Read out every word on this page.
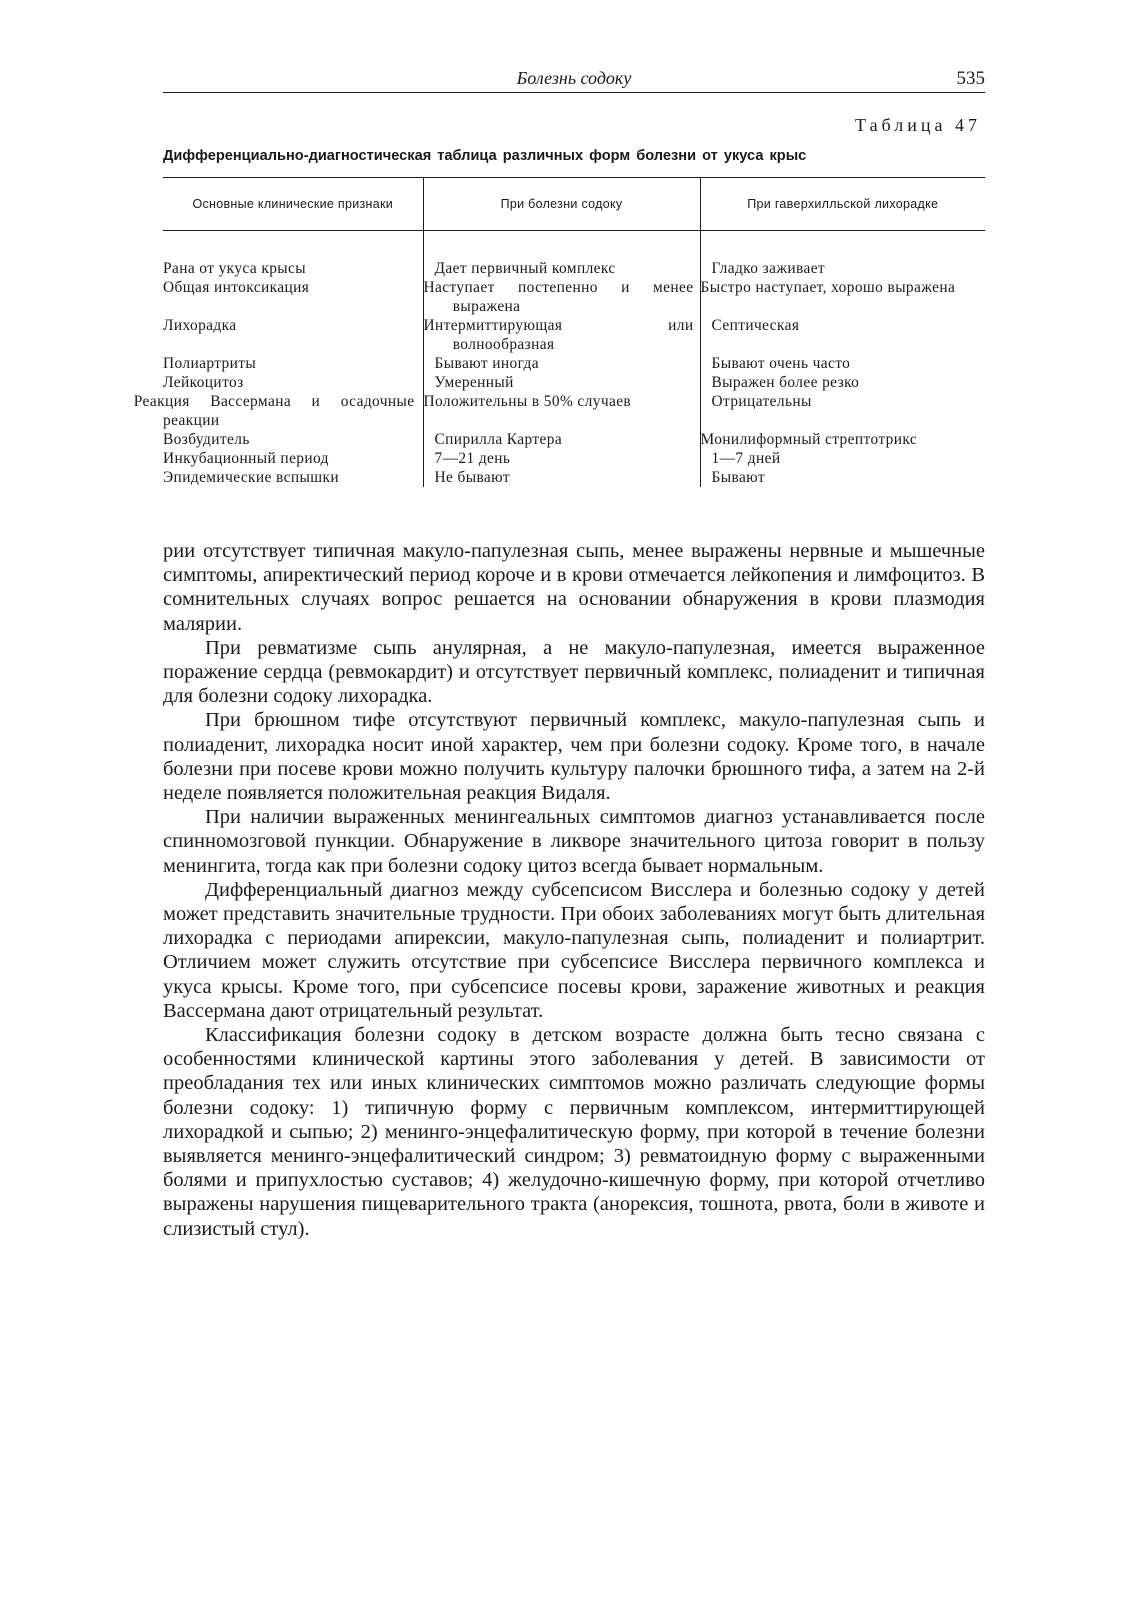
Болезнь содоку	535
Таблица 47
Дифференциально-диагностическая таблица различных форм болезни от укуса крыс
Основные клинические признаки	При болезни содоку	При гаверхилльской лихорадке
Рана от укуса крысы	Дает первичный комплекс	Гладко заживает
Общая интоксикация	Наступает постепенно и менее выражена	Быстро наступает, хорошо выражена
Лихорадка	Интермиттирующая или волнообразная	Септическая
Полиартриты	Бывают иногда	Бывают очень часто
Лейкоцитоз	Умеренный	Выражен более резко
Реакция Вассермана и осадочные реакции	Положительны в 50% случаев	Отрицательны
Возбудитель	Спирилла Картера	Монилиформный стрептотрикс
Инкубационный период	7—21 день	1—7 дней
Эпидемические вспышки	Не бывают	Бывают

рии отсутствует типичная макуло-папулезная сыпь, менее выражены нервные и мышечные симптомы, апиректический период короче и в крови отмечается лейкопения и лимфоцитоз. В сомнительных случаях вопрос решается на основании обнаружения в крови плазмодия малярии.

При ревматизме сыпь анулярная, а не макуло-папулезная, имеется выраженное поражение сердца (ревмокардит) и отсутствует первичный комплекс, полиаденит и типичная для болезни содоку лихорадка.

При брюшном тифе отсутствуют первичный комплекс, макуло-папулезная сыпь и полиаденит, лихорадка носит иной характер, чем при болезни содоку. Кроме того, в начале болезни при посеве крови можно получить культуру палочки брюшного тифа, а затем на 2-й неделе появляется положительная реакция Видаля.

При наличии выраженных менингеальных симптомов диагноз устанавливается после спинномозговой пункции. Обнаружение в ликворе значительного цитоза говорит в пользу менингита, тогда как при болезни содоку цитоз всегда бывает нормальным.

Дифференциальный диагноз между субсепсисом Висслера и болезнью содоку у детей может представить значительные трудности. При обоих заболеваниях могут быть длительная лихорадка с периодами апирексии, макуло-папулезная сыпь, полиаденит и полиартрит. Отличием может служить отсутствие при субсепсисе Висслера первичного комплекса и укуса крысы. Кроме того, при субсепсисе посевы крови, заражение животных и реакция Вассермана дают отрицательный результат.

Классификация болезни содоку в детском возрасте должна быть тесно связана с особенностями клинической картины этого заболевания у детей. В зависимости от преобладания тех или иных клинических симптомов можно различать следующие формы болезни содоку: 1) типичную форму с первичным комплексом, интермиттирующей лихорадкой и сыпью; 2) менинго-энцефалитическую форму, при которой в течение болезни выявляется менинго-энцефалитический синдром; 3) ревматоидную форму с выраженными болями и припухлостью суставов; 4) желудочно-кишечную форму, при которой отчетливо выражены нарушения пищеварительного тракта (анорексия, тошнота, рвота, боли в животе и слизистый стул).
